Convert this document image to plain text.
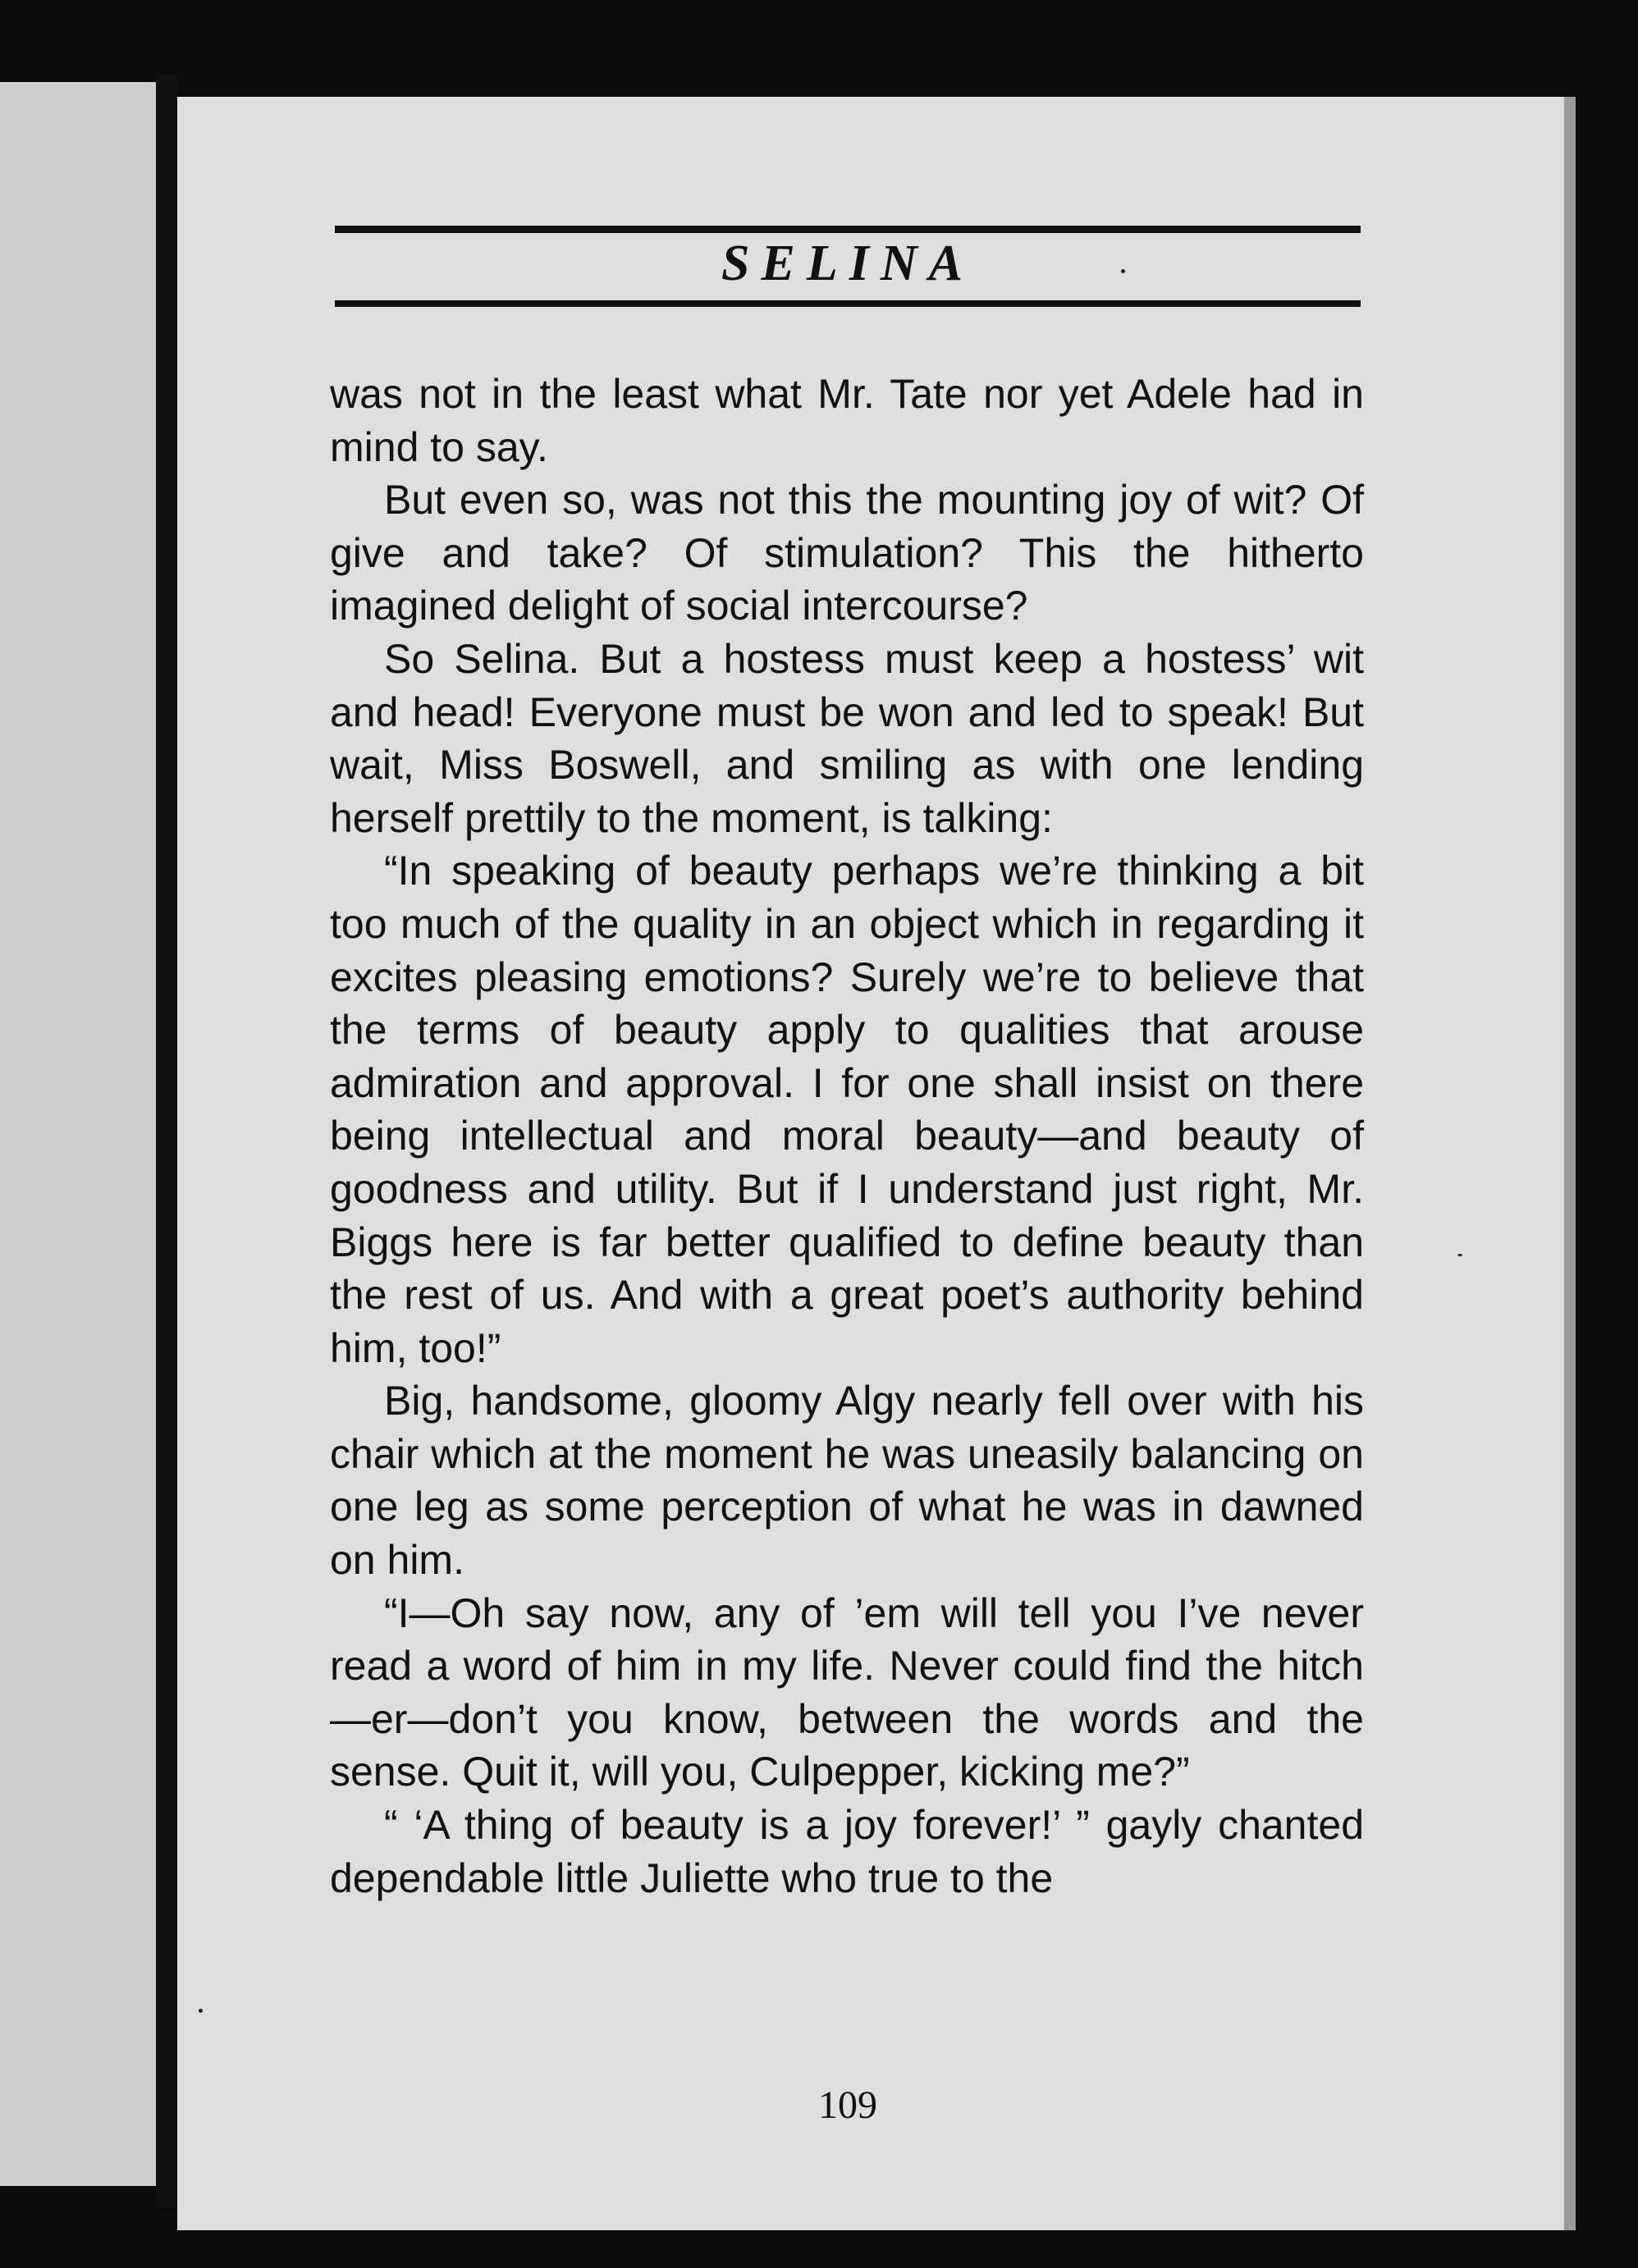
SELINA

was not in the least what Mr. Tate nor yet Adele had in mind to say.

But even so, was not this the mounting joy of wit? Of give and take? Of stimulation? This the hitherto imagined delight of social intercourse?

So Selina. But a hostess must keep a hostess’ wit and head! Everyone must be won and led to speak! But wait, Miss Boswell, and smiling as with one lending herself prettily to the moment, is talking:

“In speaking of beauty perhaps we’re thinking a bit too much of the quality in an object which in regarding it excites pleasing emotions? Surely we’re to believe that the terms of beauty apply to qualities that arouse admiration and approval. I for one shall insist on there being intellectual and moral beauty—and beauty of goodness and utility. But if I understand just right, Mr. Biggs here is far better qualified to define beauty than the rest of us. And with a great poet’s authority behind him, too!”

Big, handsome, gloomy Algy nearly fell over with his chair which at the moment he was uneasily balancing on one leg as some perception of what he was in dawned on him.

“I—Oh say now, any of ’em will tell you I’ve never read a word of him in my life. Never could find the hitch—er—don’t you know, between the words and the sense. Quit it, will you, Culpepper, kicking me?”

“ ‘A thing of beauty is a joy forever!’ ” gayly chanted dependable little Juliette who true to the

109
